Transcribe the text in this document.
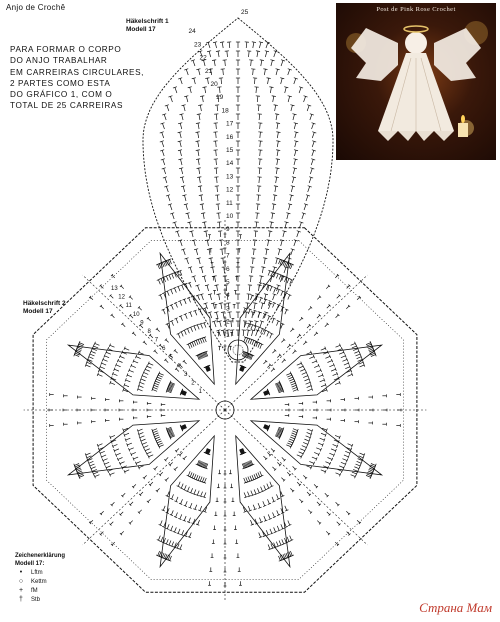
Anjo de Crochê
Häkelschrift 1
Modell 17
PARA FORMAR O CORPO
DO ANJO TRABALHAR
EM CARREIRAS CIRCULARES,
2 PARTES COMO ESTA
DO GRÁFICO 1, COM O
TOTAL DE 25 CARREIRAS
Post de Pink Rose Crochet
Häkelschrift 2
Modell 17
25
24
23
22
21
20
19
18
17
16
15
14
13
12
11
10
9
8
7
6
5
4
3
2
1
13
12
11
10
9
8
7
6
5
4
3
2
1
Zeichenerklärung
Modell 17:
•	Lftm
○	Kettm
+	fM
†	Stb
Страна Мам
